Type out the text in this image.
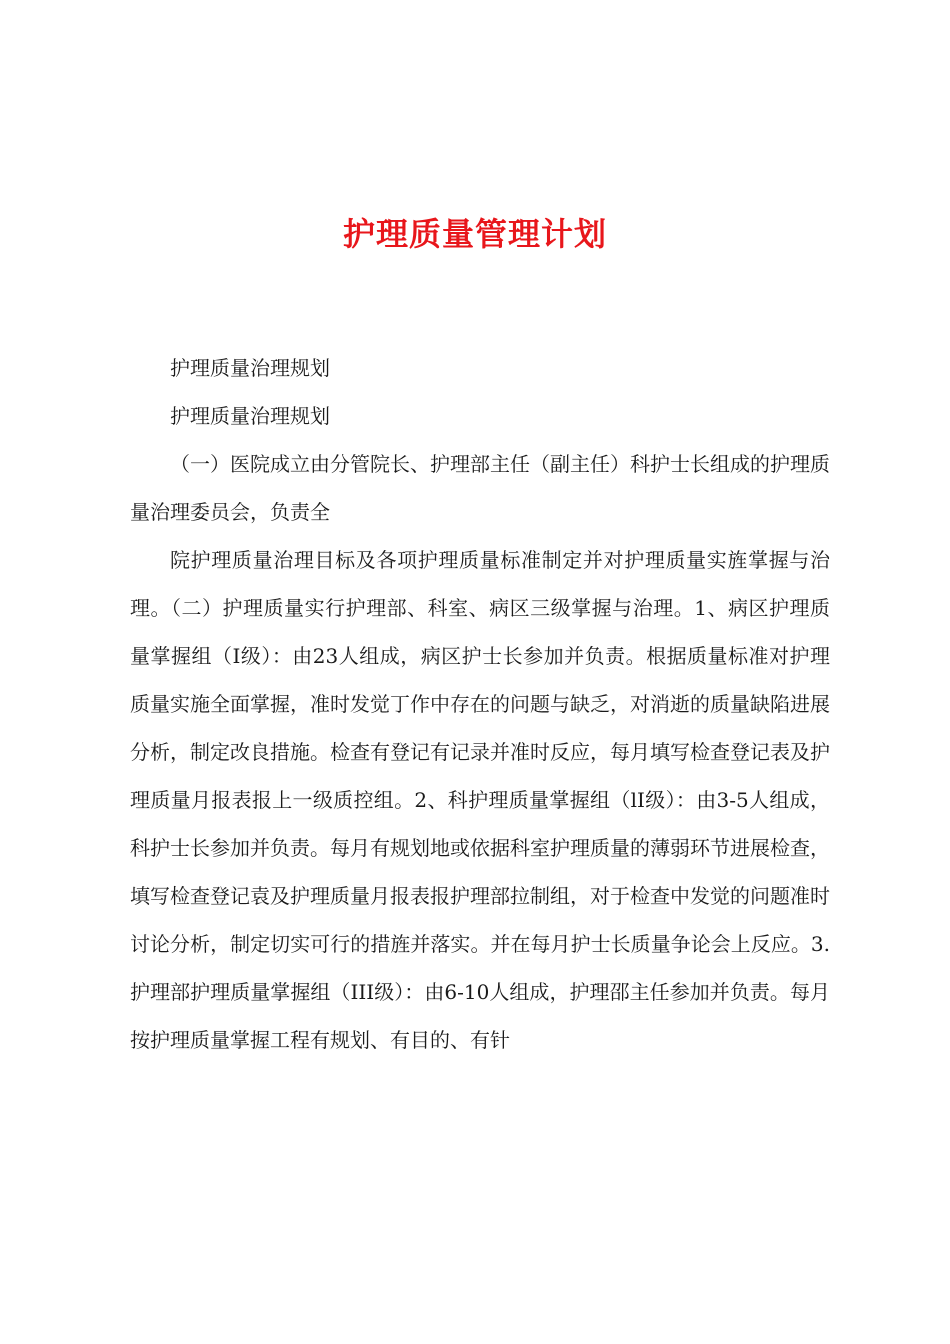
护理质量管理计划

护理质量治理规划

护理质量治理规划

（一）医院成立由分管院长、护理部主任（副主任）科护士长组成的护理质量治理委员会，负责全

院护理质量治理目标及各项护理质量标准制定并对护理质量实旌掌握与治理。（二）护理质量实行护理部、科室、病区三级掌握与治理。1、病区护理质量掌握组（I级）：由23人组成，病区护士长参加并负责。根据质量标准对护理质量实施全面掌握，准时发觉丁作中存在的问题与缺乏，对消逝的质量缺陷进展分析，制定改良措施。检查有登记有记录并准时反应，每月填写检查登记表及护理质量月报表报上一级质控组。2、科护理质量掌握组（lI级）：由3-5人组成，科护士长参加并负责。每月有规划地或依据科室护理质量的薄弱环节进展检查，填写检查登记袁及护理质量月报表报护理部拉制组，对于检查中发觉的问题准时讨论分析，制定切实可行的措旌并落实。并在每月护士长质量争论会上反应。3.护理部护理质量掌握组（III级）：由6-10人组成，护理邵主任参加并负责。每月按护理质量掌握工程有规划、有目的、有针
